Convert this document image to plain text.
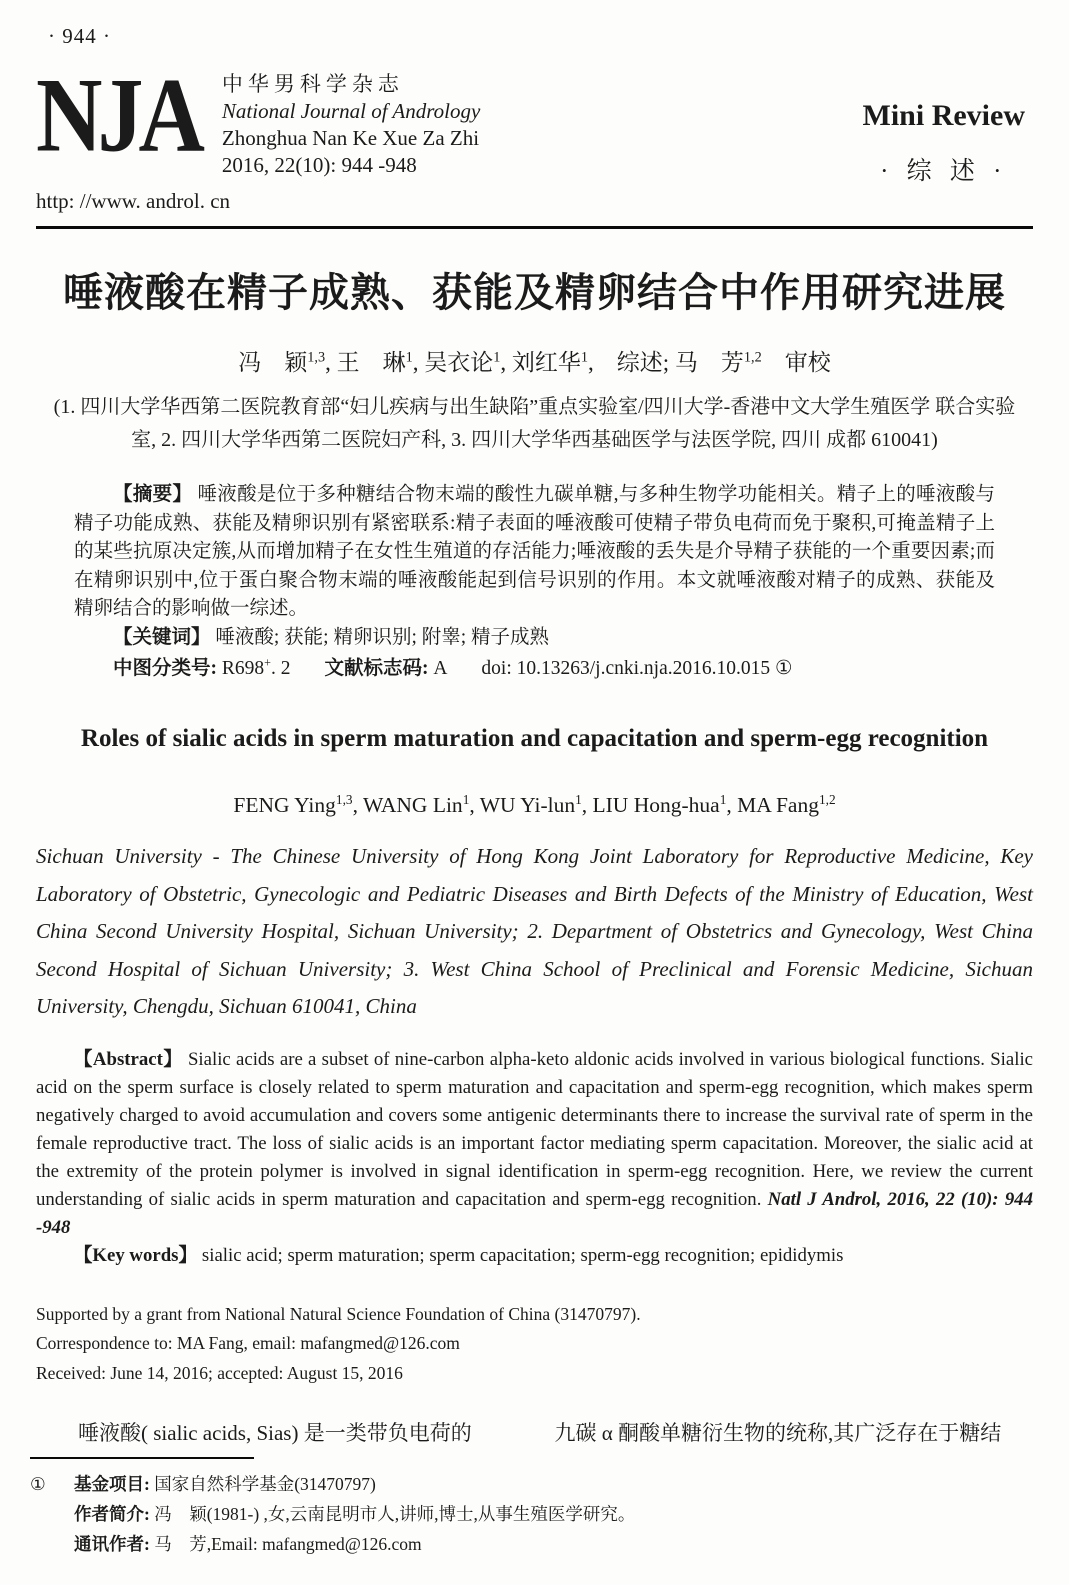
· 944 ·
NJA 中华男科学杂志
National Journal of Andrology
Zhonghua Nan Ke Xue Za Zhi
2016, 22(10): 944 -948
http: //www. androl. cn
Mini Review
· 综 述 ·
唾液酸在精子成熟、获能及精卵结合中作用研究进展
冯　颖$^{1,3}$, 王　琳$^1$, 吴衣论$^1$, 刘红华$^1$,　综述; 马　芳$^{1,2}$　审校
(1. 四川大学华西第二医院教育部“妇儿疾病与出生缺陷”重点实验室/四川大学-香港中文大学生殖医学 联合实验室, 2. 四川大学华西第二医院妇产科, 3. 四川大学华西基础医学与法医学院, 四川 成都 610041)

【摘要】 唾液酸是位于多种糖结合物末端的酸性九碳单糖,与多种生物学功能相关。精子上的唾液酸与精子功能成熟、获能及精卵识别有紧密联系:精子表面的唾液酸可使精子带负电荷而免于聚积,可掩盖精子上的某些抗原决定簇,从而增加精子在女性生殖道的存活能力;唾液酸的丢失是介导精子获能的一个重要因素;而在精卵识别中,位于蛋白聚合物末端的唾液酸能起到信号识别的作用。本文就唾液酸对精子的成熟、获能及精卵结合的影响做一综述。

【关键词】 唾液酸; 获能; 精卵识别; 附睾; 精子成熟

中图分类号: R698+. 2 文献标志码: A doi: 10.13263/j.cnki.nja.2016.10.015 ①
Roles of sialic acids in sperm maturation and capacitation and sperm-egg recognition
FENG Ying$^{1,3}$, WANG Lin$^1$, WU Yi-lun$^1$, LIU Hong-hua$^1$, MA Fang$^{1,2}$
Sichuan University - The Chinese University of Hong Kong Joint Laboratory for Reproductive Medicine, Key Laboratory of Obstetric, Gynecologic and Pediatric Diseases and Birth Defects of the Ministry of Education, West China Second University Hospital, Sichuan University; 2. Department of Obstetrics and Gynecology, West China Second Hospital of Sichuan University; 3. West China School of Preclinical and Forensic Medicine, Sichuan University, Chengdu, Sichuan 610041, China

【Abstract】 Sialic acids are a subset of nine-carbon alpha-keto aldonic acids involved in various biological functions. Sialic acid on the sperm surface is closely related to sperm maturation and capacitation and sperm-egg recognition, which makes sperm negatively charged to avoid accumulation and covers some antigenic determinants there to increase the survival rate of sperm in the female reproductive tract. The loss of sialic acids is an important factor mediating sperm capacitation. Moreover, the sialic acid at the extremity of the protein polymer is involved in signal identification in sperm-egg recognition. Here, we review the current understanding of sialic acids in sperm maturation and capacitation and sperm-egg recognition. Natl J Androl, 2016, 22 (10): 944 -948

【Key words】 sialic acid; sperm maturation; sperm capacitation; sperm-egg recognition; epididymis

Supported by a grant from National Natural Science Foundation of China (31470797).
Correspondence to: MA Fang, email: mafangmed@126.com
Received: June 14, 2016; accepted: August 15, 2016

唾液酸( sialic acids, Sias) 是一类带负电荷的	九碳 α 酮酸单糖衍生物的统称,其广泛存在于糖结

①	基金项目: 国家自然科学基金(31470797)
作者简介: 冯　颖(1981-) ,女,云南昆明市人,讲师,博士,从事生殖医学研究。
通讯作者: 马　芳,Email: mafangmed@126.com
